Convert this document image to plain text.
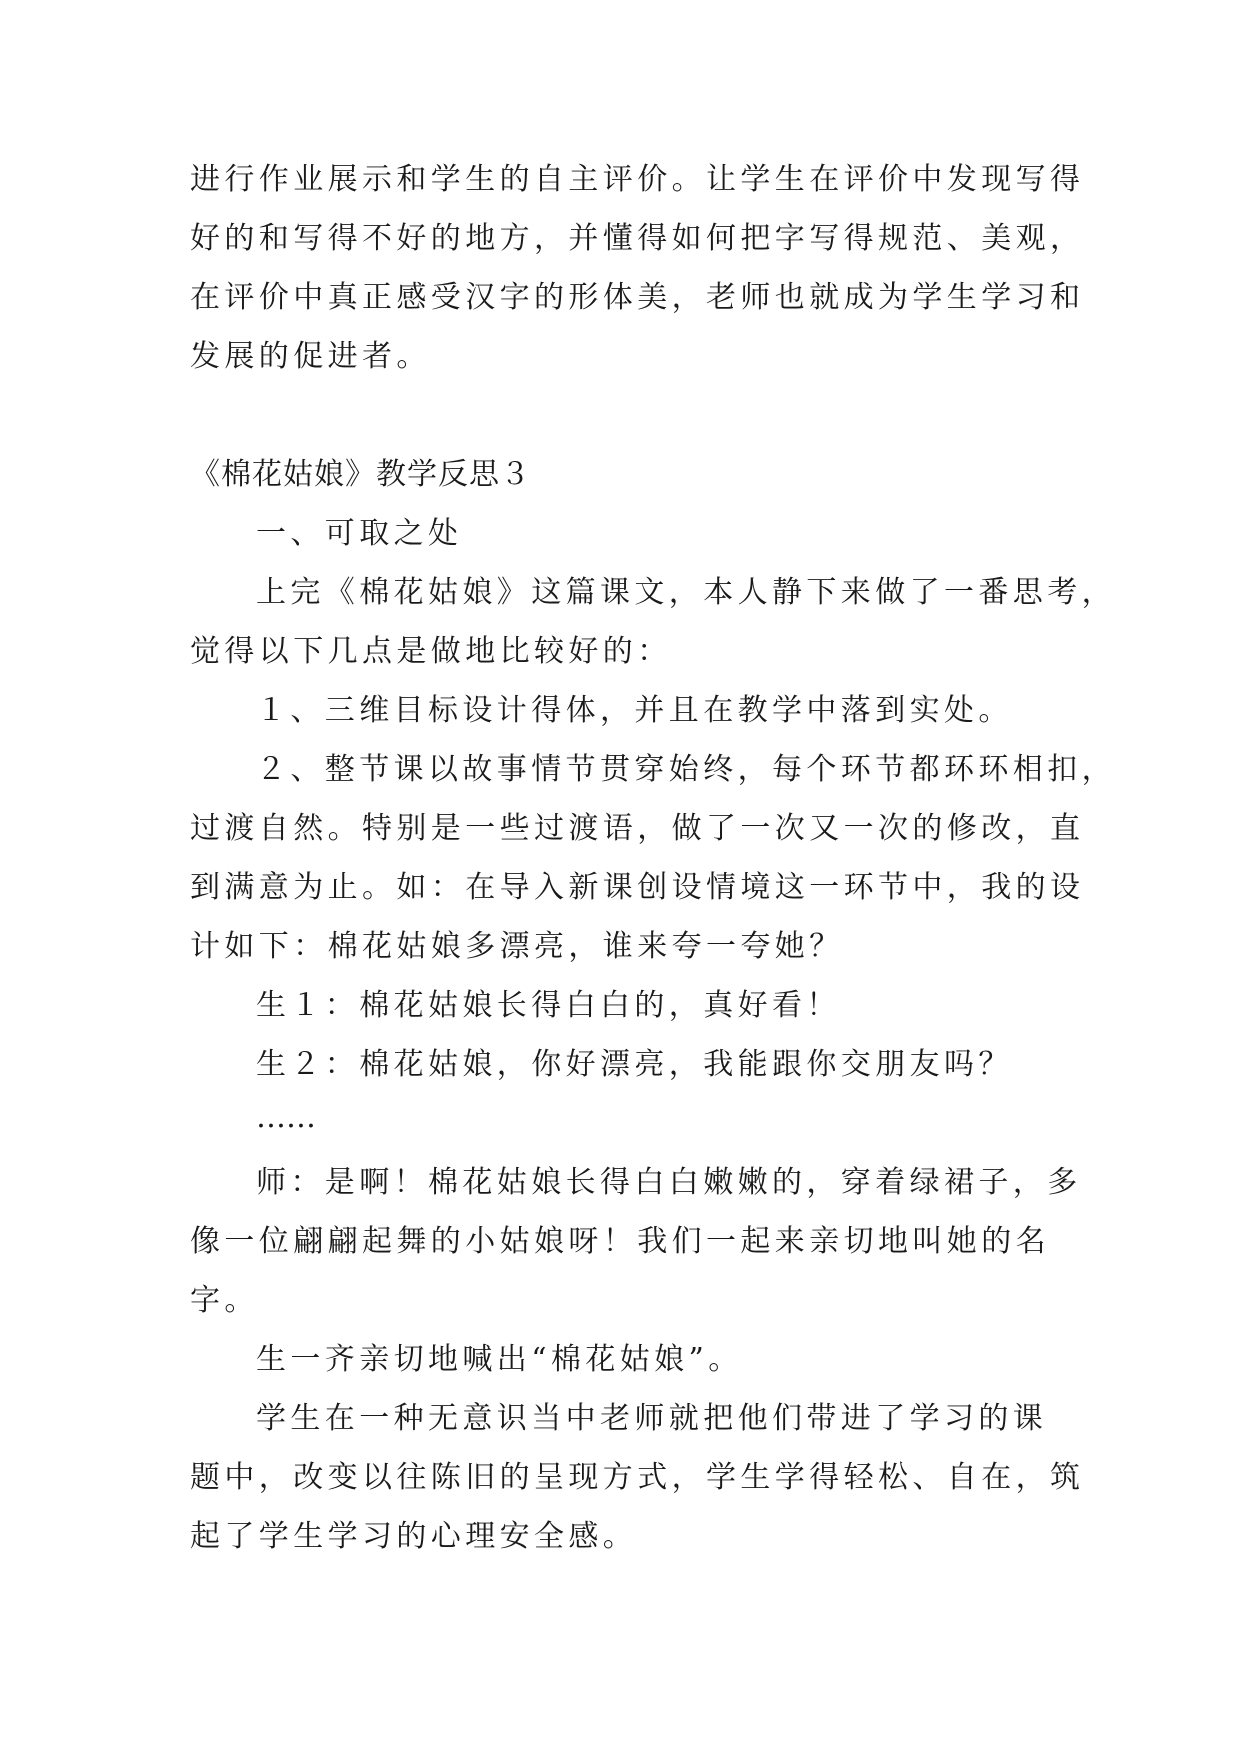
进行作业展示和学生的自主评价。让学生在评价中发现写得
好的和写得不好的地方，并懂得如何把字写得规范、美观，
在评价中真正感受汉字的形体美，老师也就成为学生学习和
发展的促进者。
《棉花姑娘》教学反思３
一、可取之处
上完《棉花姑娘》这篇课文，本人静下来做了一番思考，
觉得以下几点是做地比较好的：
１、三维目标设计得体，并且在教学中落到实处。
２、整节课以故事情节贯穿始终，每个环节都环环相扣，
过渡自然。特别是一些过渡语，做了一次又一次的修改，直
到满意为止。如：在导入新课创设情境这一环节中，我的设
计如下：棉花姑娘多漂亮，谁来夸一夸她？
生１：棉花姑娘长得白白的，真好看！
生２：棉花姑娘，你好漂亮，我能跟你交朋友吗？
……
师：是啊！棉花姑娘长得白白嫩嫩的，穿着绿裙子，多
像一位翩翩起舞的小姑娘呀！我们一起来亲切地叫她的名
字。
生一齐亲切地喊出“棉花姑娘”。
学生在一种无意识当中老师就把他们带进了学习的课
题中，改变以往陈旧的呈现方式，学生学得轻松、自在，筑
起了学生学习的心理安全感。
